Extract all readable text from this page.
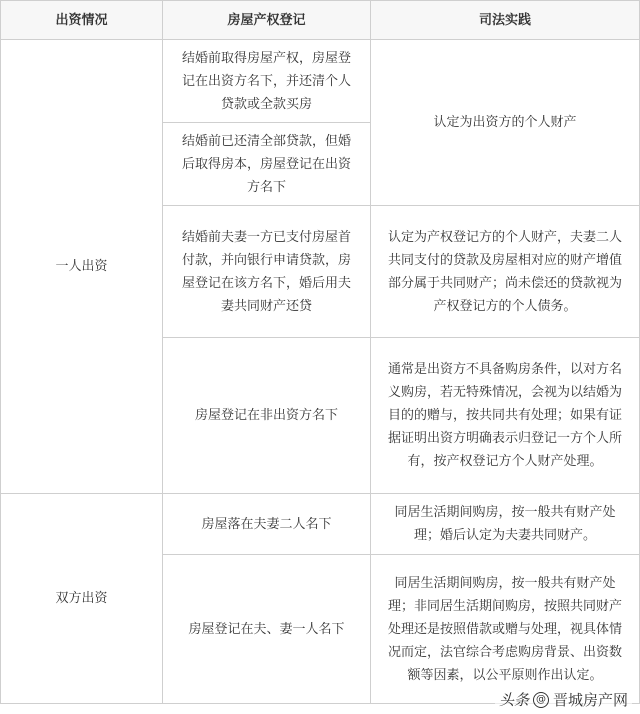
出资情况	房屋产权登记	司法实践
一人出资	结婚前取得房屋产权，房屋登记在出资方名下，并还清个人贷款或全款买房	认定为出资方的个人财产
	结婚前已还清全部贷款，但婚后取得房本，房屋登记在出资方名下	
	结婚前夫妻一方已支付房屋首付款，并向银行申请贷款，房屋登记在该方名下，婚后用夫妻共同财产还贷	认定为产权登记方的个人财产，夫妻二人共同支付的贷款及房屋相对应的财产增值部分属于共同财产；尚未偿还的贷款视为产权登记方的个人债务。
	房屋登记在非出资方名下	通常是出资方不具备购房条件，以对方名义购房，若无特殊情况，会视为以结婚为目的的赠与，按共同共有处理；如果有证据证明出资方明确表示归登记一方个人所有，按产权登记方个人财产处理。
双方出资	房屋落在夫妻二人名下	同居生活期间购房，按一般共有财产处理；婚后认定为夫妻共同财产。
	房屋登记在夫、妻一人名下	同居生活期间购房，按一般共有财产处理；非同居生活期间购房，按照共同财产处理还是按照借款或赠与处理，视具体情况而定，法官综合考虑购房背景、出资数额等因素，以公平原则作出认定。
头条 @ 晋城房产网
